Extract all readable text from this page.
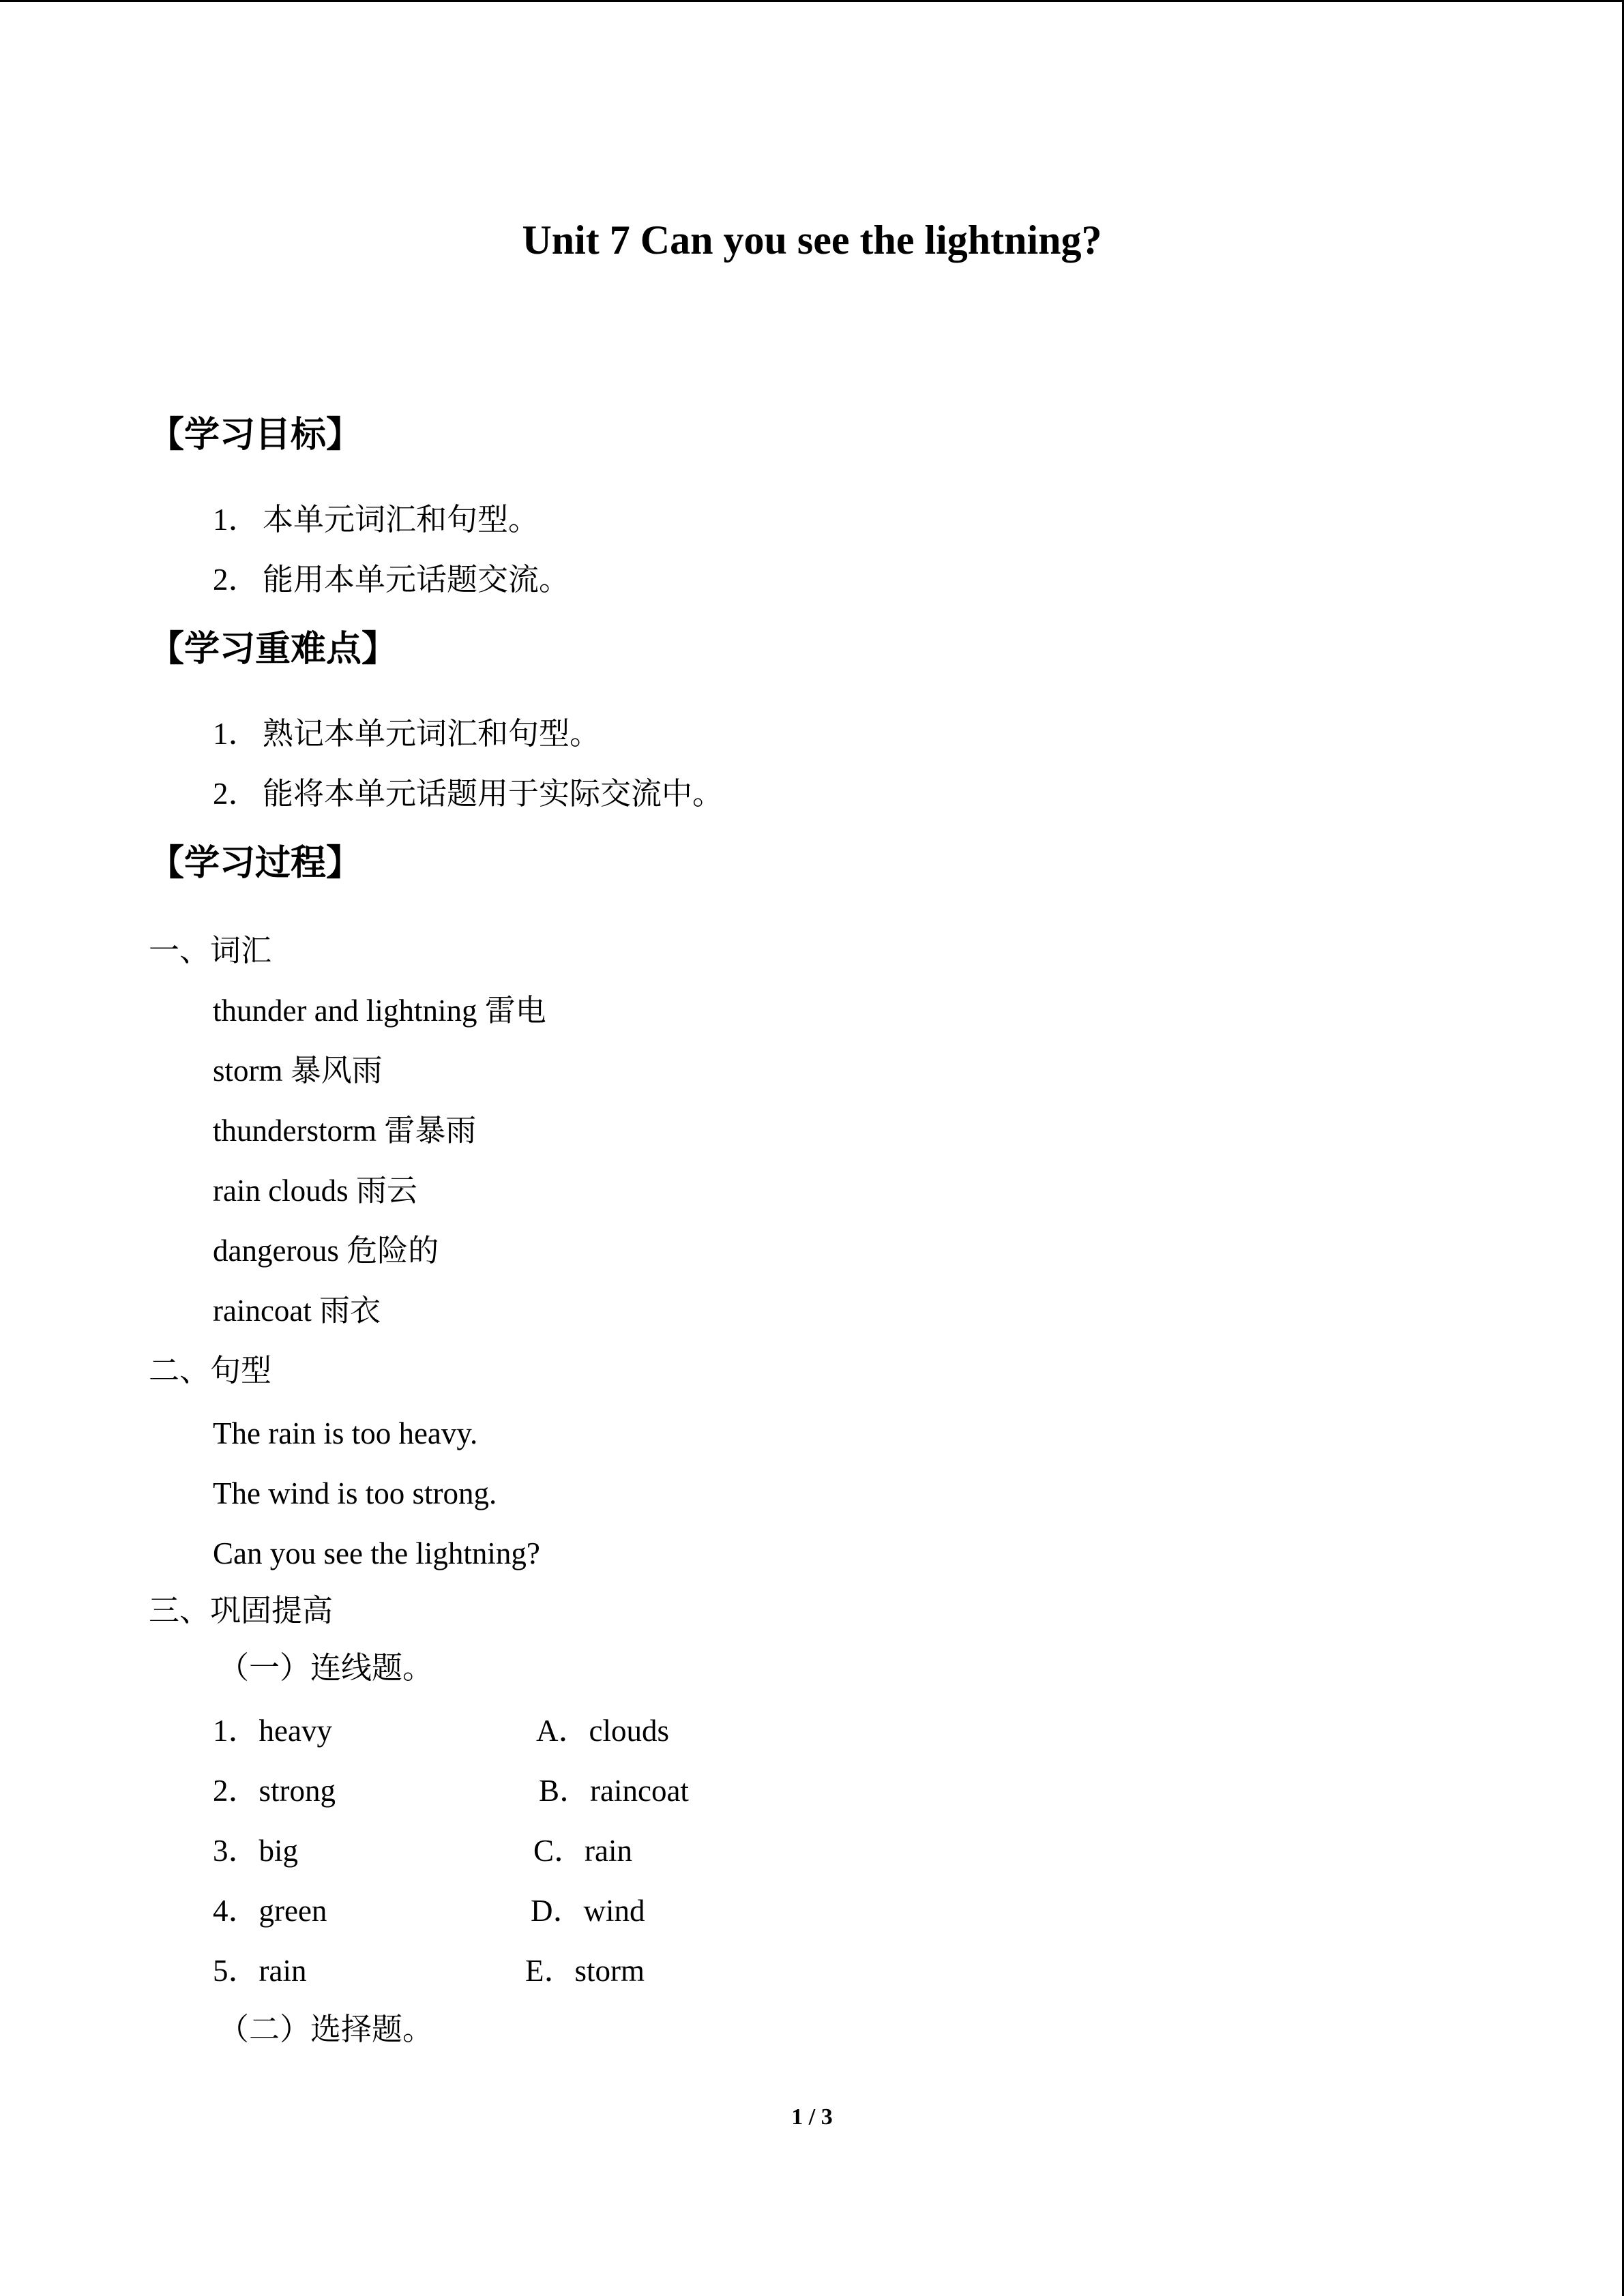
Unit 7 Can you see the lightning?
【学习目标】
1． 本单元词汇和句型。
2． 能用本单元话题交流。
【学习重难点】
1． 熟记本单元词汇和句型。
2． 能将本单元话题用于实际交流中。
【学习过程】
一、词汇
thunder and lightning 雷电
storm 暴风雨
thunderstorm 雷暴雨
rain clouds 雨云
dangerous 危险的
raincoat 雨衣
二、句型
The rain is too heavy.
The wind is too strong.
Can you see the lightning?
三、巩固提高
（一）连线题。
1．heavy	A．clouds
2．strong	B．raincoat
3．big	C．rain
4．green	D．wind
5．rain	E．storm
（二）选择题。
1 / 3
